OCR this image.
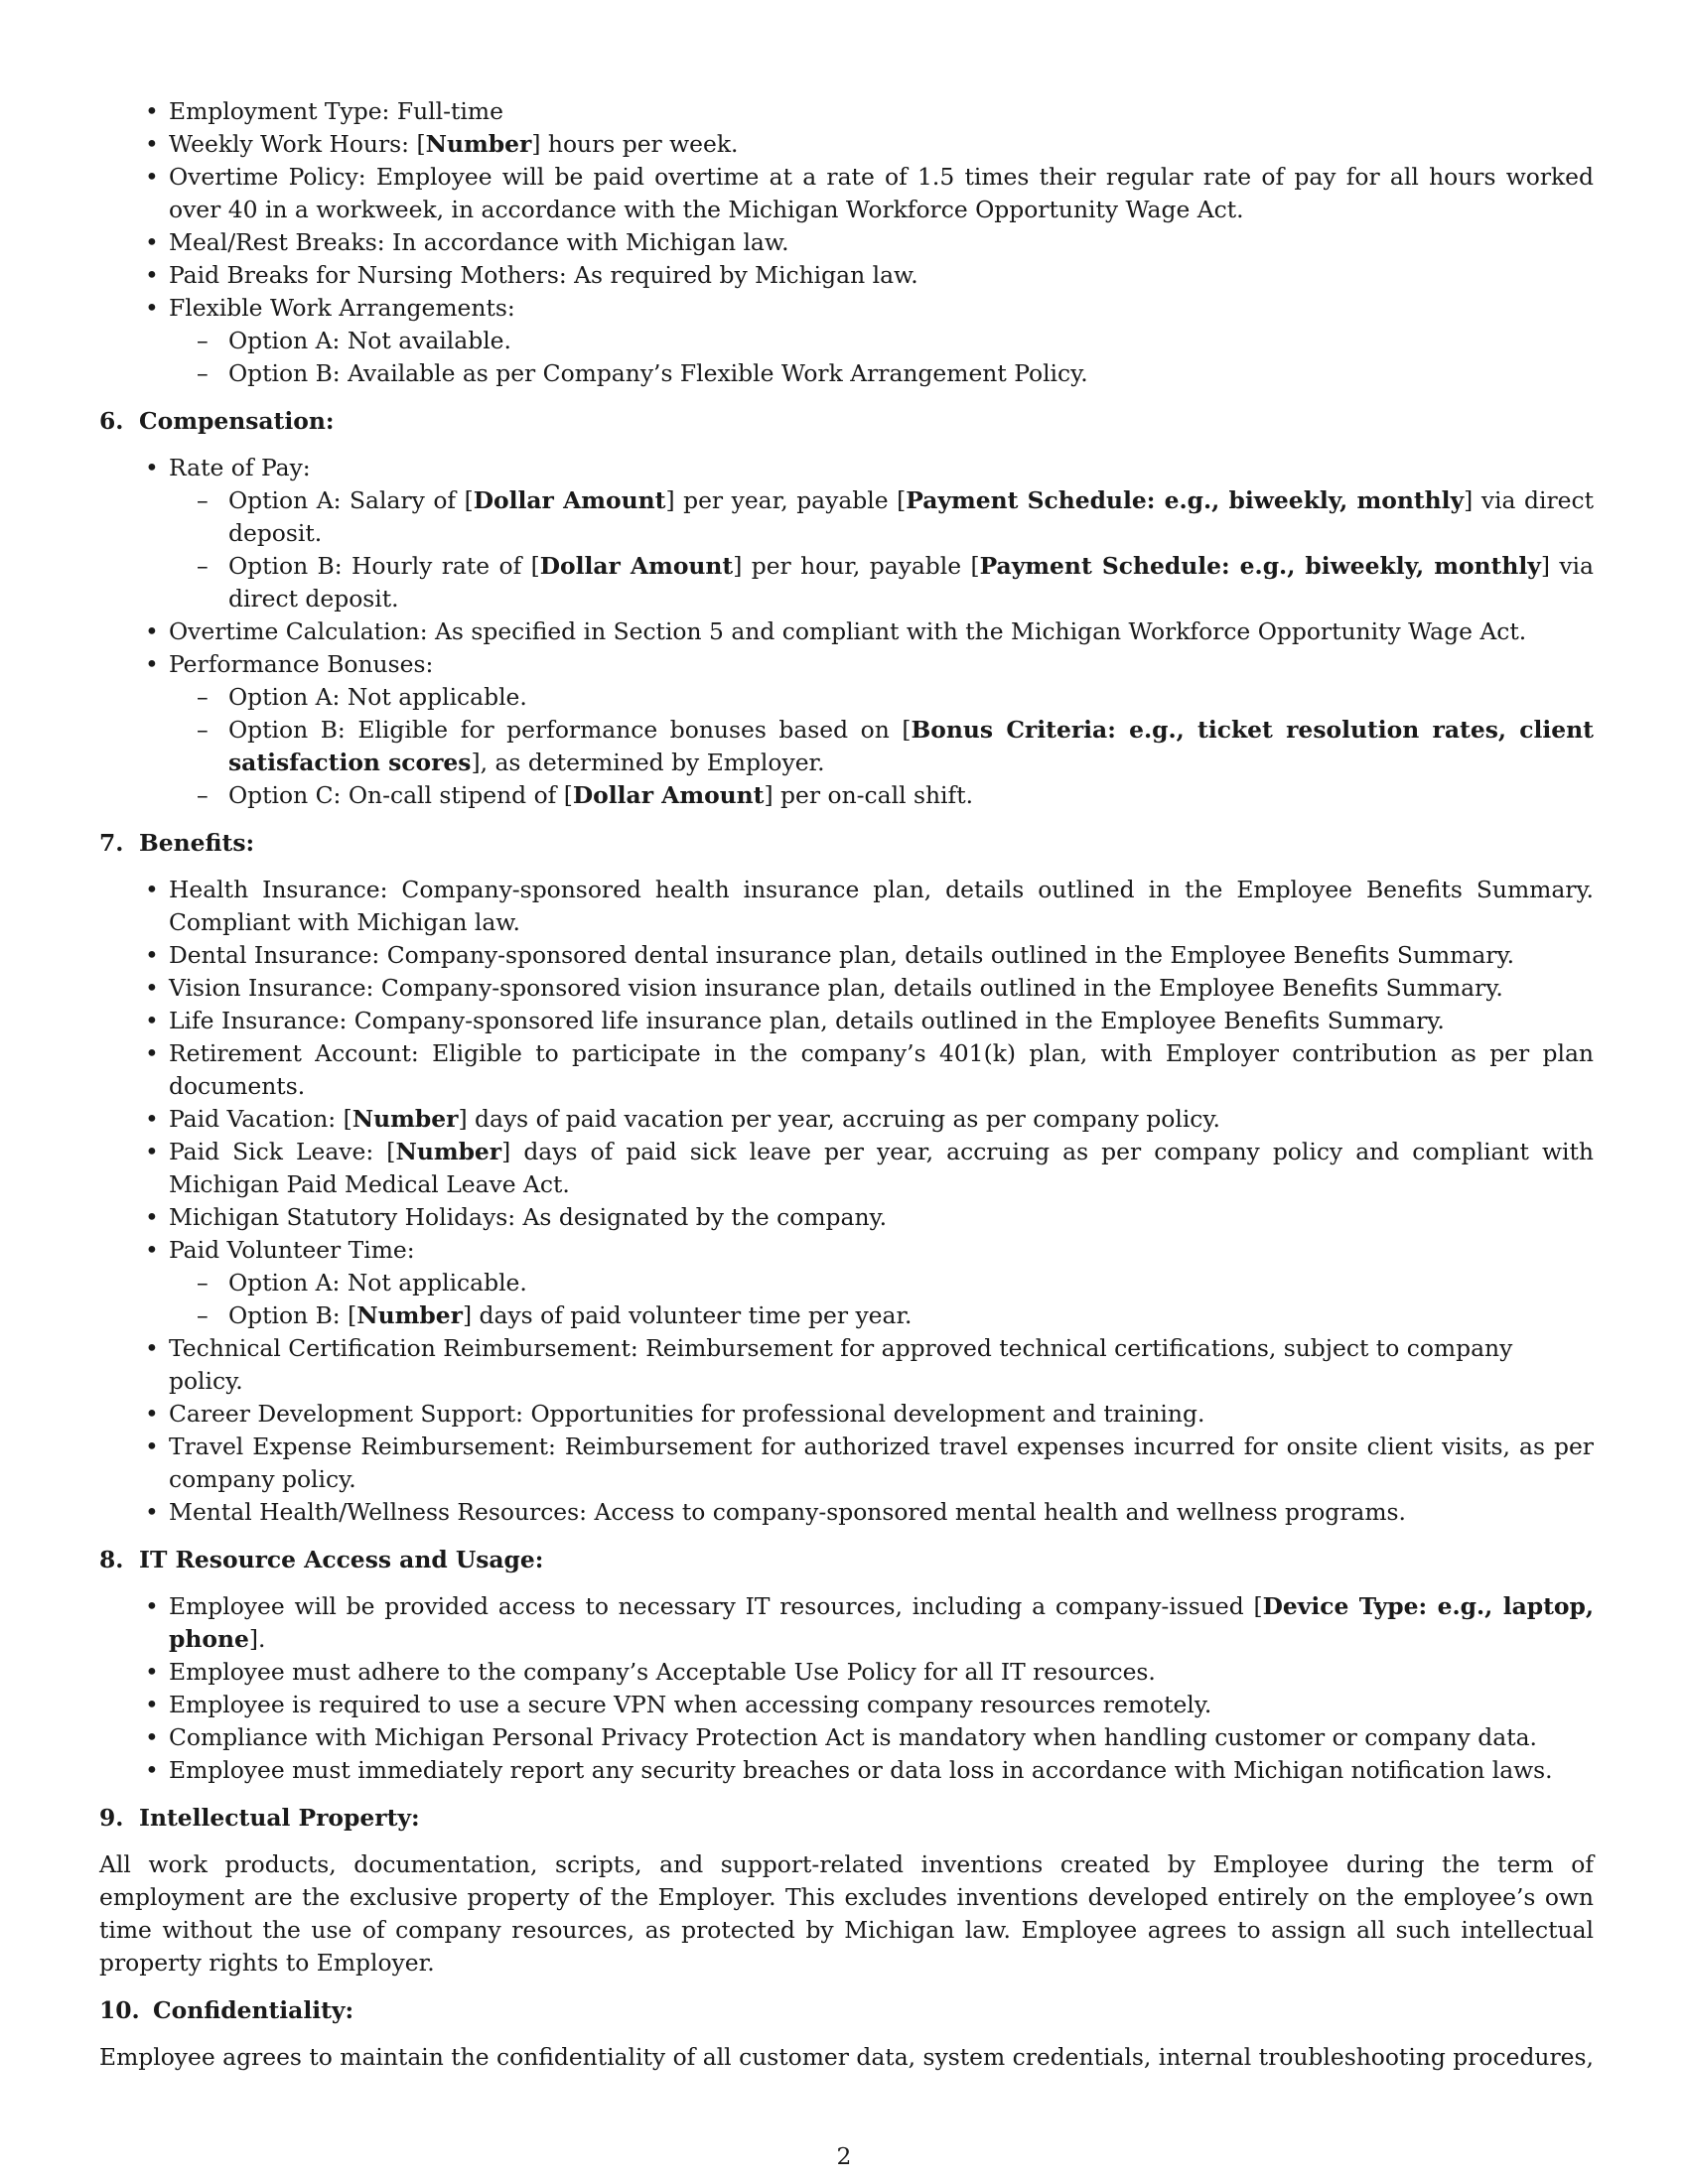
• Employment Type: Full-time
• Weekly Work Hours: [Number] hours per week.
• Overtime Policy: Employee will be paid overtime at a rate of 1.5 times their regular rate of pay for all hours worked over 40 in a workweek, in accordance with the Michigan Workforce Opportunity Wage Act.
• Meal/Rest Breaks: In accordance with Michigan law.
• Paid Breaks for Nursing Mothers: As required by Michigan law.
• Flexible Work Arrangements:
– Option A: Not available.
– Option B: Available as per Company’s Flexible Work Arrangement Policy.
6. Compensation:
• Rate of Pay:
– Option A: Salary of [Dollar Amount] per year, payable [Payment Schedule: e.g., biweekly, monthly] via direct deposit.
– Option B: Hourly rate of [Dollar Amount] per hour, payable [Payment Schedule: e.g., biweekly, monthly] via direct deposit.
• Overtime Calculation: As specified in Section 5 and compliant with the Michigan Workforce Opportunity Wage Act.
• Performance Bonuses:
– Option A: Not applicable.
– Option B: Eligible for performance bonuses based on [Bonus Criteria: e.g., ticket resolution rates, client satisfaction scores], as determined by Employer.
– Option C: On-call stipend of [Dollar Amount] per on-call shift.
7. Benefits:
• Health Insurance: Company-sponsored health insurance plan, details outlined in the Employee Benefits Summary. Compliant with Michigan law.
• Dental Insurance: Company-sponsored dental insurance plan, details outlined in the Employee Benefits Summary.
• Vision Insurance: Company-sponsored vision insurance plan, details outlined in the Employee Benefits Summary.
• Life Insurance: Company-sponsored life insurance plan, details outlined in the Employee Benefits Summary.
• Retirement Account: Eligible to participate in the company’s 401(k) plan, with Employer contribution as per plan documents.
• Paid Vacation: [Number] days of paid vacation per year, accruing as per company policy.
• Paid Sick Leave: [Number] days of paid sick leave per year, accruing as per company policy and compliant with Michigan Paid Medical Leave Act.
• Michigan Statutory Holidays: As designated by the company.
• Paid Volunteer Time:
– Option A: Not applicable.
– Option B: [Number] days of paid volunteer time per year.
• Technical Certification Reimbursement: Reimbursement for approved technical certifications, subject to company policy.
• Career Development Support: Opportunities for professional development and training.
• Travel Expense Reimbursement: Reimbursement for authorized travel expenses incurred for onsite client visits, as per company policy.
• Mental Health/Wellness Resources: Access to company-sponsored mental health and wellness programs.
8. IT Resource Access and Usage:
• Employee will be provided access to necessary IT resources, including a company-issued [Device Type: e.g., laptop, phone].
• Employee must adhere to the company’s Acceptable Use Policy for all IT resources.
• Employee is required to use a secure VPN when accessing company resources remotely.
• Compliance with Michigan Personal Privacy Protection Act is mandatory when handling customer or company data.
• Employee must immediately report any security breaches or data loss in accordance with Michigan notification laws.
9. Intellectual Property:

All work products, documentation, scripts, and support-related inventions created by Employee during the term of employment are the exclusive property of the Employer. This excludes inventions developed entirely on the employee’s own time without the use of company resources, as protected by Michigan law. Employee agrees to assign all such intellectual property rights to Employer.

10. Confidentiality:

Employee agrees to maintain the confidentiality of all customer data, system credentials, internal troubleshooting procedures,

2
